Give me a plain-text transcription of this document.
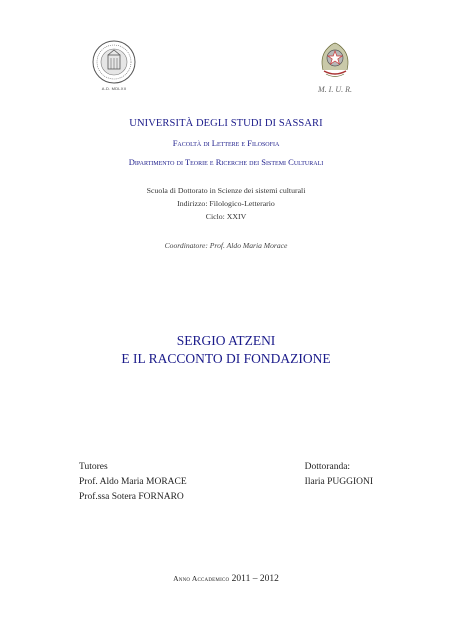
A.D. MDLXII	M. I. U. R.
UNIVERSITÀ DEGLI STUDI DI SASSARI
Facoltà di Lettere e Filosofia
Dipartimento di Teorie e Ricerche dei Sistemi Culturali
Scuola di Dottorato in Scienze dei sistemi culturali
Indirizzo: Filologico-Letterario
Ciclo: XXIV
Coordinatore: Prof. Aldo Maria Morace
SERGIO ATZENI
E IL RACCONTO DI FONDAZIONE
Tutores
Prof. Aldo Maria MORACE
Prof.ssa Sotera FORNARO
Dottoranda:
Ilaria PUGGIONI
Anno Accademico 2011 – 2012
